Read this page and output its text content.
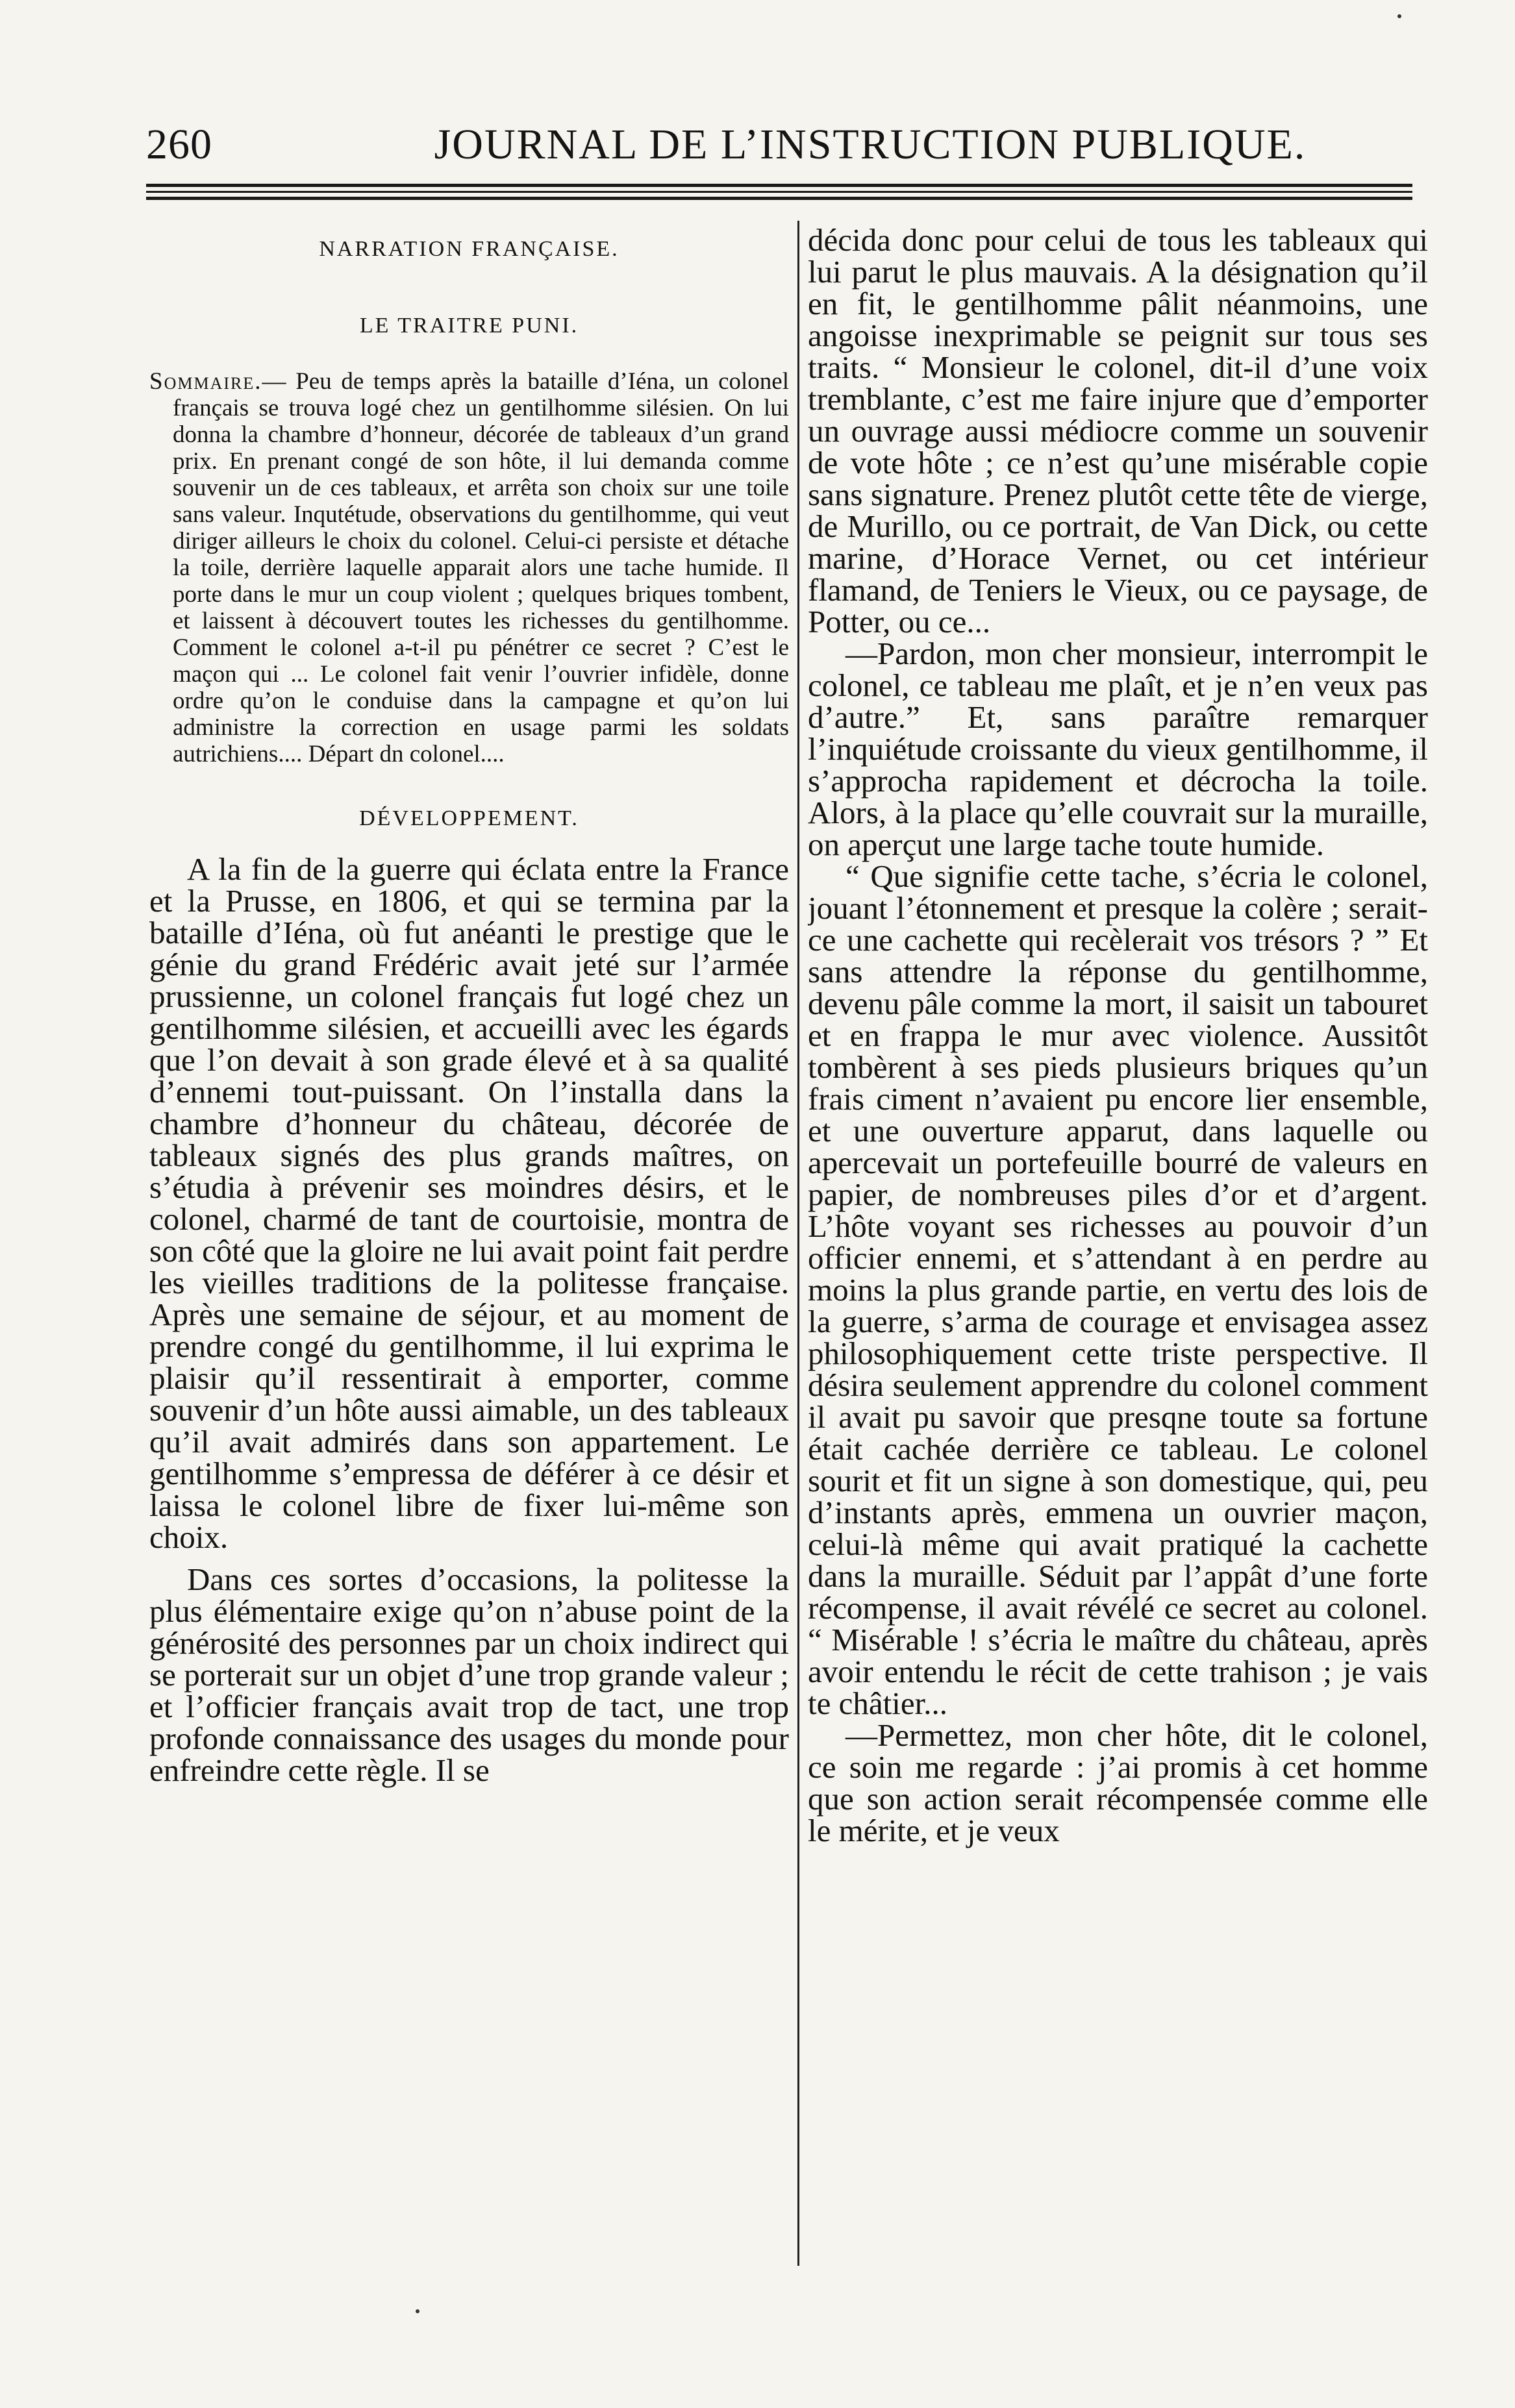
260	JOURNAL DE L’INSTRUCTION PUBLIQUE.

NARRATION FRANÇAISE.

LE TRAITRE PUNI.

Sommaire.— Peu de temps après la bataille d’Iéna, un colonel français se trouva logé chez un gentilhomme silésien. On lui donna la chambre d’honneur, décorée de tableaux d’un grand prix. En prenant congé de son hôte, il lui demanda comme souvenir un de ces tableaux, et arrêta son choix sur une toile sans valeur. Inqutétude, observations du gentilhomme, qui veut diriger ailleurs le choix du colonel. Celui-ci persiste et détache la toile, derrière laquelle apparait alors une tache humide. Il porte dans le mur un coup violent ; quelques briques tombent, et laissent à découvert toutes les richesses du gentilhomme. Comment le colonel a-t-il pu pénétrer ce secret ? C’est le maçon qui ... Le colonel fait venir l’ouvrier infidèle, donne ordre qu’on le conduise dans la campagne et qu’on lui administre la correction en usage parmi les soldats autrichiens.... Départ dn colonel....

DÉVELOPPEMENT.

A la fin de la guerre qui éclata entre la France et la Prusse, en 1806, et qui se termina par la bataille d’Iéna, où fut anéanti le prestige que le génie du grand Frédéric avait jeté sur l’armée prussienne, un colonel français fut logé chez un gentilhomme silésien, et accueilli avec les égards que l’on devait à son grade élevé et à sa qualité d’ennemi tout-puissant. On l’installa dans la chambre d’honneur du château, décorée de tableaux signés des plus grands maîtres, on s’étudia à prévenir ses moindres désirs, et le colonel, charmé de tant de courtoisie, montra de son côté que la gloire ne lui avait point fait perdre les vieilles traditions de la politesse française. Après une semaine de séjour, et au moment de prendre congé du gentilhomme, il lui exprima le plaisir qu’il ressentirait à emporter, comme souvenir d’un hôte aussi aimable, un des tableaux qu’il avait admirés dans son appartement. Le gentilhomme s’empressa de déférer à ce désir et laissa le colonel libre de fixer lui-même son choix.

Dans ces sortes d’occasions, la politesse la plus élémentaire exige qu’on n’abuse point de la générosité des personnes par un choix indirect qui se porterait sur un objet d’une trop grande valeur ; et l’officier français avait trop de tact, une trop profonde connaissance des usages du monde pour enfreindre cette règle. Il se

décida donc pour celui de tous les tableaux qui lui parut le plus mauvais. A la désignation qu’il en fit, le gentilhomme pâlit néanmoins, une angoisse inexprimable se peignit sur tous ses traits. “ Monsieur le colonel, dit-il d’une voix tremblante, c’est me faire injure que d’emporter un ouvrage aussi médiocre comme un souvenir de vote hôte ; ce n’est qu’une misérable copie sans signature. Prenez plutôt cette tête de vierge, de Murillo, ou ce portrait, de Van Dick, ou cette marine, d’Horace Vernet, ou cet intérieur flamand, de Teniers le Vieux, ou ce paysage, de Potter, ou ce...

—Pardon, mon cher monsieur, interrompit le colonel, ce tableau me plaît, et je n’en veux pas d’autre.” Et, sans paraître remarquer l’inquiétude croissante du vieux gentilhomme, il s’approcha rapidement et décrocha la toile. Alors, à la place qu’elle couvrait sur la muraille, on aperçut une large tache toute humide.

“ Que signifie cette tache, s’écria le colonel, jouant l’étonnement et presque la colère ; serait-ce une cachette qui recèlerait vos trésors ? ” Et sans attendre la réponse du gentilhomme, devenu pâle comme la mort, il saisit un tabouret et en frappa le mur avec violence. Aussitôt tombèrent à ses pieds plusieurs briques qu’un frais ciment n’avaient pu encore lier ensemble, et une ouverture apparut, dans laquelle ou apercevait un portefeuille bourré de valeurs en papier, de nombreuses piles d’or et d’argent. L’hôte voyant ses richesses au pouvoir d’un officier ennemi, et s’attendant à en perdre au moins la plus grande partie, en vertu des lois de la guerre, s’arma de courage et envisagea assez philosophiquement cette triste perspective. Il désira seulement apprendre du colonel comment il avait pu savoir que presqne toute sa fortune était cachée derrière ce tableau. Le colonel sourit et fit un signe à son domestique, qui, peu d’instants après, emmena un ouvrier maçon, celui-là même qui avait pratiqué la cachette dans la muraille. Séduit par l’appât d’une forte récompense, il avait révélé ce secret au colonel. “ Misérable ! s’écria le maître du château, après avoir entendu le récit de cette trahison ; je vais te châtier...

—Permettez, mon cher hôte, dit le colonel, ce soin me regarde : j’ai promis à cet homme que son action serait récompensée comme elle le mérite, et je veux
